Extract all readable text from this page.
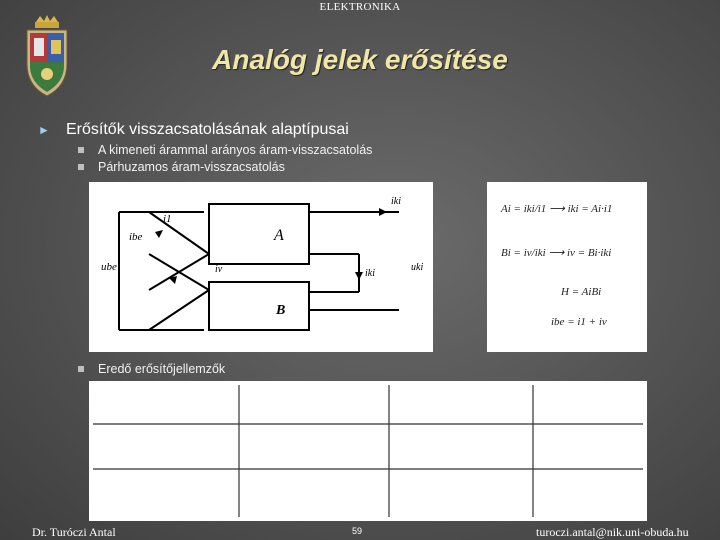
ELEKTRONIKA
Analóg jelek erősítése
►	Erősítők visszacsatolásának alaptípusai
A kimeneti árammal arányos áram-visszacsatolás
Párhuzamos áram-visszacsatolás
A
B
i1
ibe
ube	iv
iki
iki
uki
Ai = iki/i1 ⟶ iki = Ai·i1
Bi = iv/iki ⟶ iv = Bi·iki
H = AiBi
ibe = i1 + iv
Eredő erősítőjellemzők
Dr. Turóczi Antal	59	turoczi.antal@nik.uni-obuda.hu
